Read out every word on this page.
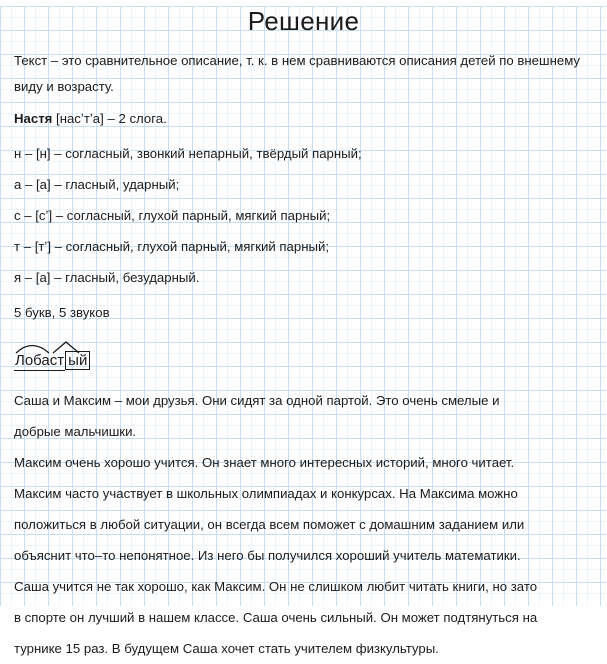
Решение

Текст – это сравнительное описание, т. к. в нем сравниваются описания детей по внешнему виду и возрасту.

Настя [насʼтʼа] – 2 слога.
н – [н] – согласный, звонкий непарный, твёрдый парный;
а – [а] – гласный, ударный;
с – [сʼ] – согласный, глухой парный, мягкий парный;
т – [тʼ] – согласный, глухой парный, мягкий парный;
я – [а] – гласный, безударный.
5 букв, 5 звуков
Лобаст ый
Саша и Максим – мои друзья. Они сидят за одной партой. Это очень смелые и
добрые мальчишки.
Максим очень хорошо учится. Он знает много интересных историй, много читает.
Максим часто участвует в школьных олимпиадах и конкурсах. На Максима можно
положиться в любой ситуации, он всегда всем поможет с домашним заданием или
объяснит что–то непонятное. Из него бы получился хороший учитель математики.
Саша учится не так хорошо, как Максим. Он не слишком любит читать книги, но зато
в спорте он лучший в нашем классе. Саша очень сильный. Он может подтянуться на
турнике 15 раз. В будущем Саша хочет стать учителем физкультуры.
